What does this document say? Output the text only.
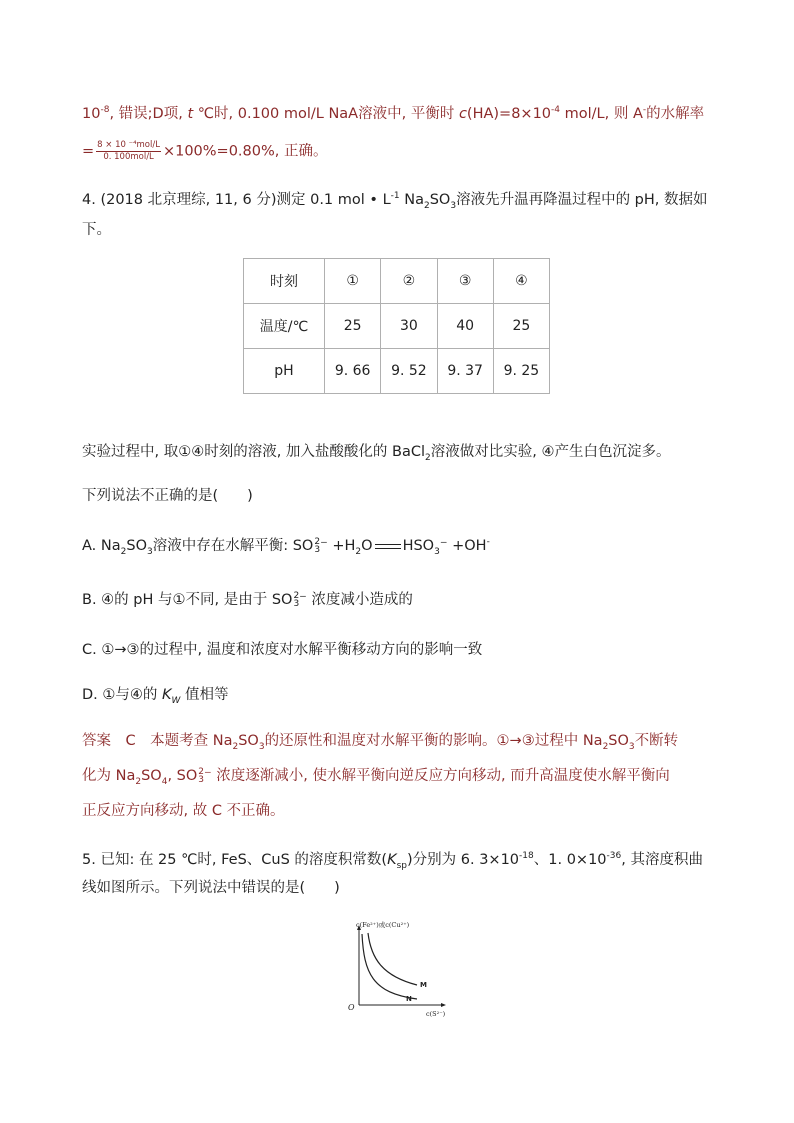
$10^{-8}$, 错误;D项, t ℃时, 0.100 mol/L NaA溶液中, 平衡时 $c(HA)=8\times 10^{-4}$ mol/L, 则 A-的水解率
= $\frac{\text{8 × 10 ⁻⁴mol/L}}{\text{0. 100mol/L}} \times 100\%=0.80\%$, 正确。
4. (2018 北京理综, 11, 6 分)测定 0.1 mol • $L^{-1}$ $Na_2SO_3$溶液先升温再降温过程中的 pH, 数据如
下。
时刻	①	②	③	④
温度/℃	25	30	40	25
pH	9. 66	9. 52	9. 37	9. 25
实验过程中, 取①④时刻的溶液, 加入盐酸酸化的 BaCl$_2$溶液做对比实验, ④产生白色沉淀多。
下列说法不正确的是(　　)
A. $Na_2SO_3$溶液中存在水解平衡: SO 2
3 ⁻ $+H_2O$ $HSO_3^- +OH^-$
B. ④的 pH 与①不同, 是由于 SO 2
3 ⁻ 浓度减小造成的
C. ①→③的过程中, 温度和浓度对水解平衡移动方向的影响一致
D. ①与④的 $K_W$ 值相等
答案　C　本题考查 $Na_2SO_3$的还原性和温度对水解平衡的影响。①→③过程中 $Na_2SO_3$不断转
化为 $Na_2SO_4$, SO 2
3 ⁻ 浓度逐渐减小, 使水解平衡向逆反应方向移动, 而升高温度使水解平衡向
正反应方向移动, 故 C 不正确。
5. 已知: 在 25 ℃时, FeS、CuS 的溶度积常数$(K_{sp})$分别为 6. $3\times 10^{-18}$、1. $0\times 10^{-36}$, 其溶度积曲
线如图所示。下列说法中错误的是(　　)
c(Fe²⁺)或c(Cu²⁺)
c(S²⁻)
O
M
N
